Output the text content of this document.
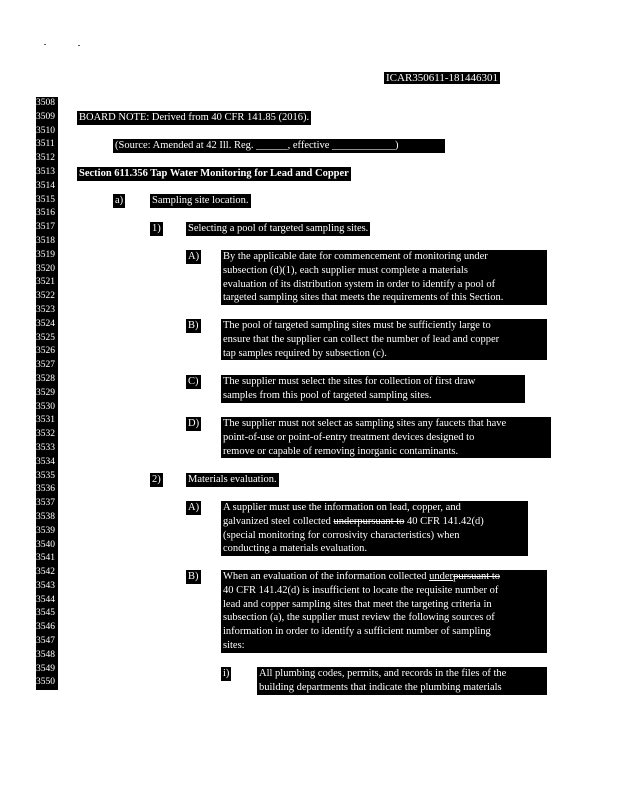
ICAR350611-181446301
3508
3509
3510
3511
3512
3513
3514
3515
3516
3517
3518
3519
3520
3521
3522
3523
3524
3525
3526
3527
3528
3529
3530
3531
3532
3533
3534
3535
3536
3537
3538
3539
3540
3541
3542
3543
3544
3545
3546
3547
3548
3549
3550
BOARD NOTE: Derived from 40 CFR 141.85 (2016).
(Source: Amended at 42 Ill. Reg. ______, effective ____________)
Section 611.356 Tap Water Monitoring for Lead and Copper
a)	Sampling site location.
1)	Selecting a pool of targeted sampling sites.
A) By the applicable date for commencement of monitoring under
subsection (d)(1), each supplier must complete a materials
evaluation of its distribution system in order to identify a pool of
targeted sampling sites that meets the requirements of this Section.
B) The pool of targeted sampling sites must be sufficiently large to
ensure that the supplier can collect the number of lead and copper
tap samples required by subsection (c).
C) The supplier must select the sites for collection of first draw
samples from this pool of targeted sampling sites.
D) The supplier must not select as sampling sites any faucets that have
point-of-use or point-of-entry treatment devices designed to
remove or capable of removing inorganic contaminants.
2)	Materials evaluation.
A) A supplier must use the information on lead, copper, and
galvanized steel collected underpursuant to 40 CFR 141.42(d)
(special monitoring for corrosivity characteristics) when
conducting a materials evaluation.
B) When an evaluation of the information collected underpursuant to
40 CFR 141.42(d) is insufficient to locate the requisite number of
lead and copper sampling sites that meet the targeting criteria in
subsection (a), the supplier must review the following sources of
information in order to identify a sufficient number of sampling
sites:
i)	All plumbing codes, permits, and records in the files of the
building departments that indicate the plumbing materials
